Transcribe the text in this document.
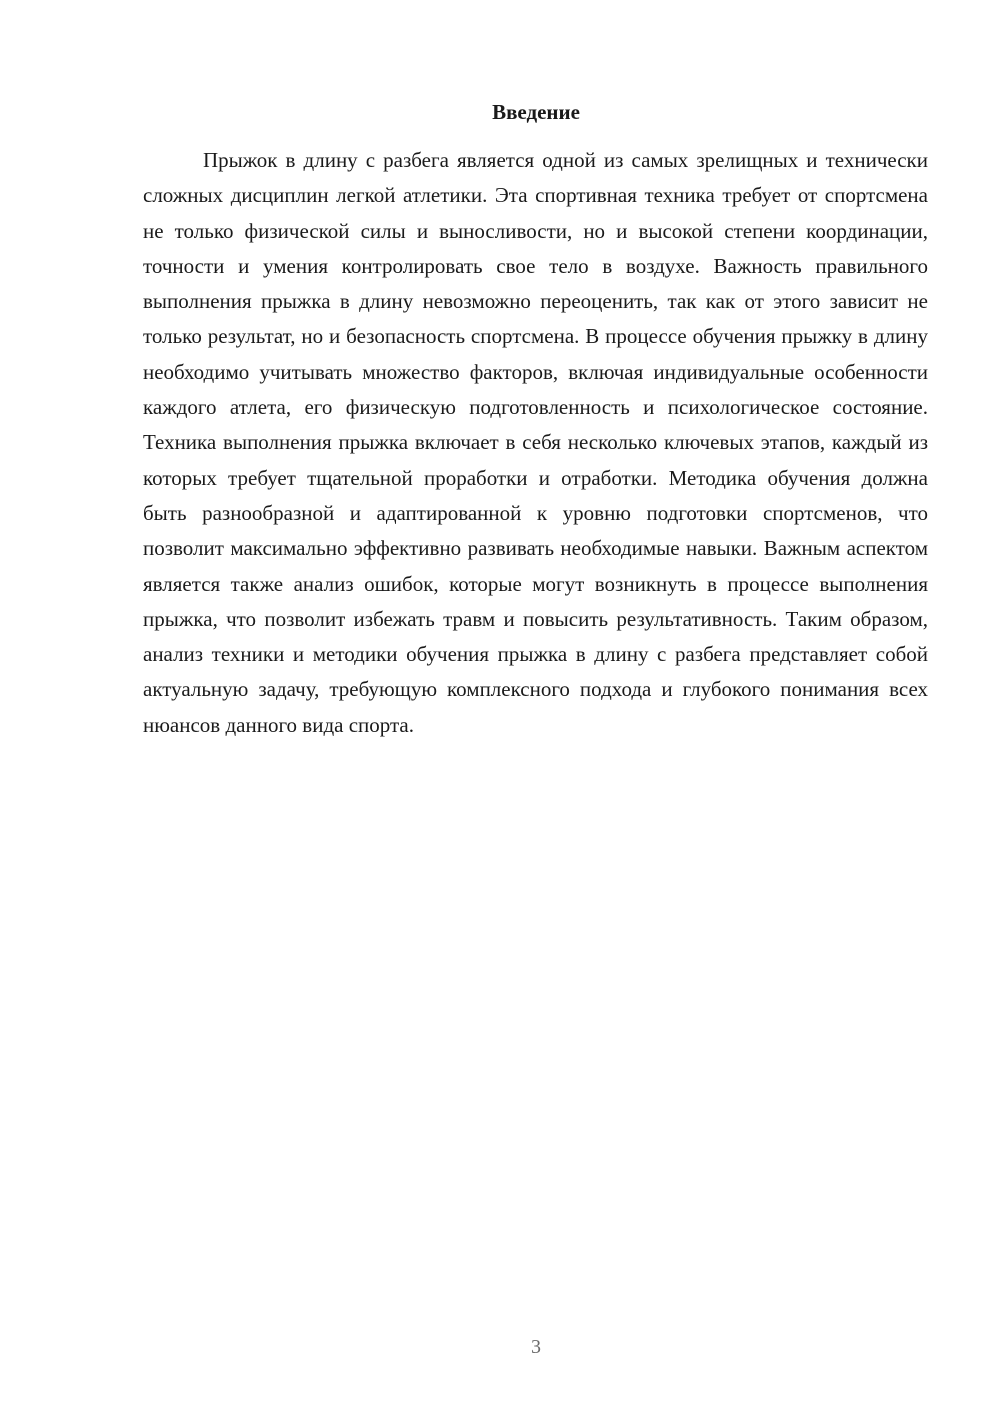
Введение

Прыжок в длину с разбега является одной из самых зрелищных и технически сложных дисциплин легкой атлетики. Эта спортивная техника требует от спортсмена не только физической силы и выносливости, но и высокой степени координации, точности и умения контролировать свое тело в воздухе. Важность правильного выполнения прыжка в длину невозможно переоценить, так как от этого зависит не только результат, но и безопасность спортсмена. В процессе обучения прыжку в длину необходимо учитывать множество факторов, включая индивидуальные особенности каждого атлета, его физическую подготовленность и психологическое состояние. Техника выполнения прыжка включает в себя несколько ключевых этапов, каждый из которых требует тщательной проработки и отработки. Методика обучения должна быть разнообразной и адаптированной к уровню подготовки спортсменов, что позволит максимально эффективно развивать необходимые навыки. Важным аспектом является также анализ ошибок, которые могут возникнуть в процессе выполнения прыжка, что позволит избежать травм и повысить результативность. Таким образом, анализ техники и методики обучения прыжка в длину с разбега представляет собой актуальную задачу, требующую комплексного подхода и глубокого понимания всех нюансов данного вида спорта.

3
